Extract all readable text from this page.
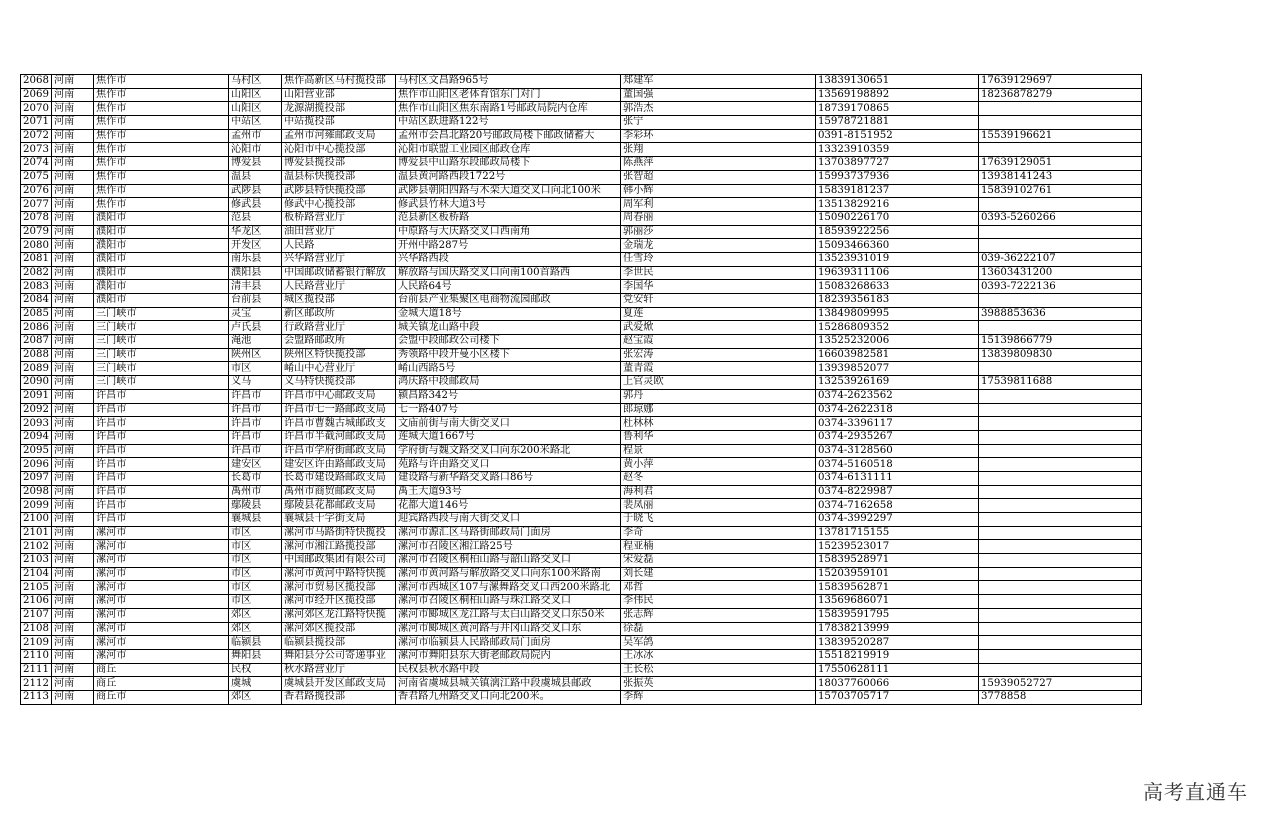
2068	河南	焦作市	马村区	焦作高新区马村揽投部	马村区文昌路965号	郑建军	13839130651	17639129697
2069	河南	焦作市	山阳区	山阳营业部	焦作市山阳区老体育馆东门对门	董国强	13569198892	18236878279
2070	河南	焦作市	山阳区	龙源湖揽投部	焦作市山阳区焦东南路1号邮政局院内仓库	郭浩杰	18739170865	
2071	河南	焦作市	中站区	中站揽投部	中站区跃进路122号	张宁	15978721881	
2072	河南	焦作市	孟州市	孟州市河雍邮政支局	孟州市会昌北路20号邮政局楼下邮政储蓄大	李彩环	0391-8151952	15539196621
2073	河南	焦作市	沁阳市	沁阳市中心揽投部	沁阳市联盟工业园区邮政仓库	张翔	13323910359	
2074	河南	焦作市	博爱县	博爱县揽投部	博爱县中山路东段邮政局楼下	陈燕萍	13703897727	17639129051
2075	河南	焦作市	温县	温县标快揽投部	温县黄河路西段1722号	张智超	15993737936	13938141243
2076	河南	焦作市	武陟县	武陟县特快揽投部	武陟县朝阳四路与木栾大道交叉口向北100米	韩小辉	15839181237	15839102761
2077	河南	焦作市	修武县	修武中心揽投部	修武县竹林大道3号	周军利	13513829216	
2078	河南	濮阳市	范县	板桥路营业厅	范县新区板桥路	周春丽	15090226170	0393-5260266
2079	河南	濮阳市	华龙区	油田营业厅	中原路与大庆路交叉口西南角	郭丽莎	18593922256	
2080	河南	濮阳市	开发区	人民路	开州中路287号	金瑞龙	15093466360	
2081	河南	濮阳市	南乐县	兴华路营业厅	兴华路西段	任雪玲	13523931019	039-36222107
2082	河南	濮阳市	濮阳县	中国邮政储蓄银行解放	解放路与国庆路交叉口向南100首路西	李世民	19639311106	13603431200
2083	河南	濮阳市	清丰县	人民路营业厅	人民路64号	李国华	15083268633	0393-7222136
2084	河南	濮阳市	台前县	城区揽投部	台前县产业集聚区电商物流园邮政	党安轩	18239356183	
2085	河南	三门峡市	灵宝	新区邮政所	金城大道18号	夏莲	13849809995	3988853636
2086	河南	三门峡市	卢氏县	行政路营业厅	城关镇龙山路中段	武爱焮	15286809352	
2087	河南	三门峡市	渑池	会盟路邮政所	会盟中段邮政公司楼下	赵宝霞	13525232006	15139866779
2088	河南	三门峡市	陕州区	陕州区特快揽投部	秀领路中段开曼小区楼下	张宏涛	16603982581	13839809830
2089	河南	三门峡市	市区	崤山中心营业厅	崤山西路5号	董青霞	13939852077	
2090	河南	三门峡市	义马	义马特快揽投部	鸿庆路中段邮政局	上官灵欧	13253926169	17539811688
2091	河南	许昌市	许昌市	许昌市中心邮政支局	颍昌路342号	郭丹	0374-2623562	
2092	河南	许昌市	许昌市	许昌市七一路邮政支局	七一路407号	郎琼娜	0374-2622318	
2093	河南	许昌市	许昌市	许昌市曹魏古城邮政支	文庙前街与南大街交叉口	杜林林	0374-3396117	
2094	河南	许昌市	许昌市	许昌市半截河邮政支局	莲城大道1667号	鲁利华	0374-2935267	
2095	河南	许昌市	许昌市	许昌市学府街邮政支局	学府街与魏文路交叉口向东200米路北	程景	0374-3128560	
2096	河南	许昌市	建安区	建安区许由路邮政支局	苑路与许由路交叉口	黄小萍	0374-5160518	
2097	河南	许昌市	长葛市	长葛市建设路邮政支局	建设路与新华路交叉路口86号	赵冬	0374-6131111	
2098	河南	许昌市	禹州市	禹州市商贸邮政支局	禹王大道93号	海利君	0374-8229987	
2099	河南	许昌市	鄢陵县	鄢陵县花都邮政支局	花都大道146号	裴凤丽	0374-7162658	
2100	河南	许昌市	襄城县	襄城县十字街支局	迎宾路西段与南大街交叉口	于晓飞	0374-3992297	
2101	河南	漯河市	市区	漯河市马路街特快揽投	漯河市源汇区马路街邮政局门面房	李奇	13781715155	
2102	河南	漯河市	市区	漯河市湘江路揽投部	漯河市召陵区湘江路25号	程亚楠	15239523017	
2103	河南	漯河市	市区	中国邮政集团有限公司	漯河市召陵区桐柏山路与韶山路交叉口	宋爱磊	15839528971	
2104	河南	漯河市	市区	漯河市黄河中路特快揽	漯河市黄河路与解放路交叉口向东100米路南	刘长建	15203959101	
2105	河南	漯河市	市区	漯河市贸易区揽投部	漯河市西城区107与漯舞路交叉口西200米路北	邓哲	15839562871	
2106	河南	漯河市	市区	漯河市经开区揽投部	漯河市召陵区桐柏山路与珠江路交叉口	李伟民	13569686071	
2107	河南	漯河市	郊区	漯河郊区龙江路特快揽	漯河市郾城区龙江路与太白山路交叉口东50米	张志辉	15839591795	
2108	河南	漯河市	郊区	漯河郊区揽投部	漯河市郾城区黄河路与井冈山路交叉口东	徐磊	17838213999	
2109	河南	漯河市	临颍县	临颍县揽投部	漯河市临颍县人民路邮政局门面房	吴军鸽	13839520287	
2110	河南	漯河市	舞阳县	舞阳县分公司寄递事业	漯河市舞阳县东大街老邮政局院内	王冰冰	15518219919	
2111	河南	商丘	民权	秋水路营业厅	民权县秋水路中段	王长松	17550628111	
2112	河南	商丘	虞城	虞城县开发区邮政支局	河南省虞城县城关镇漓江路中段虞城县邮政	张振英	18037760066	15939052727
2113	河南	商丘市	郊区	香君路揽投部	香君路九州路交叉口向北200米。	李辉	15703705717	3778858
高考直通车
